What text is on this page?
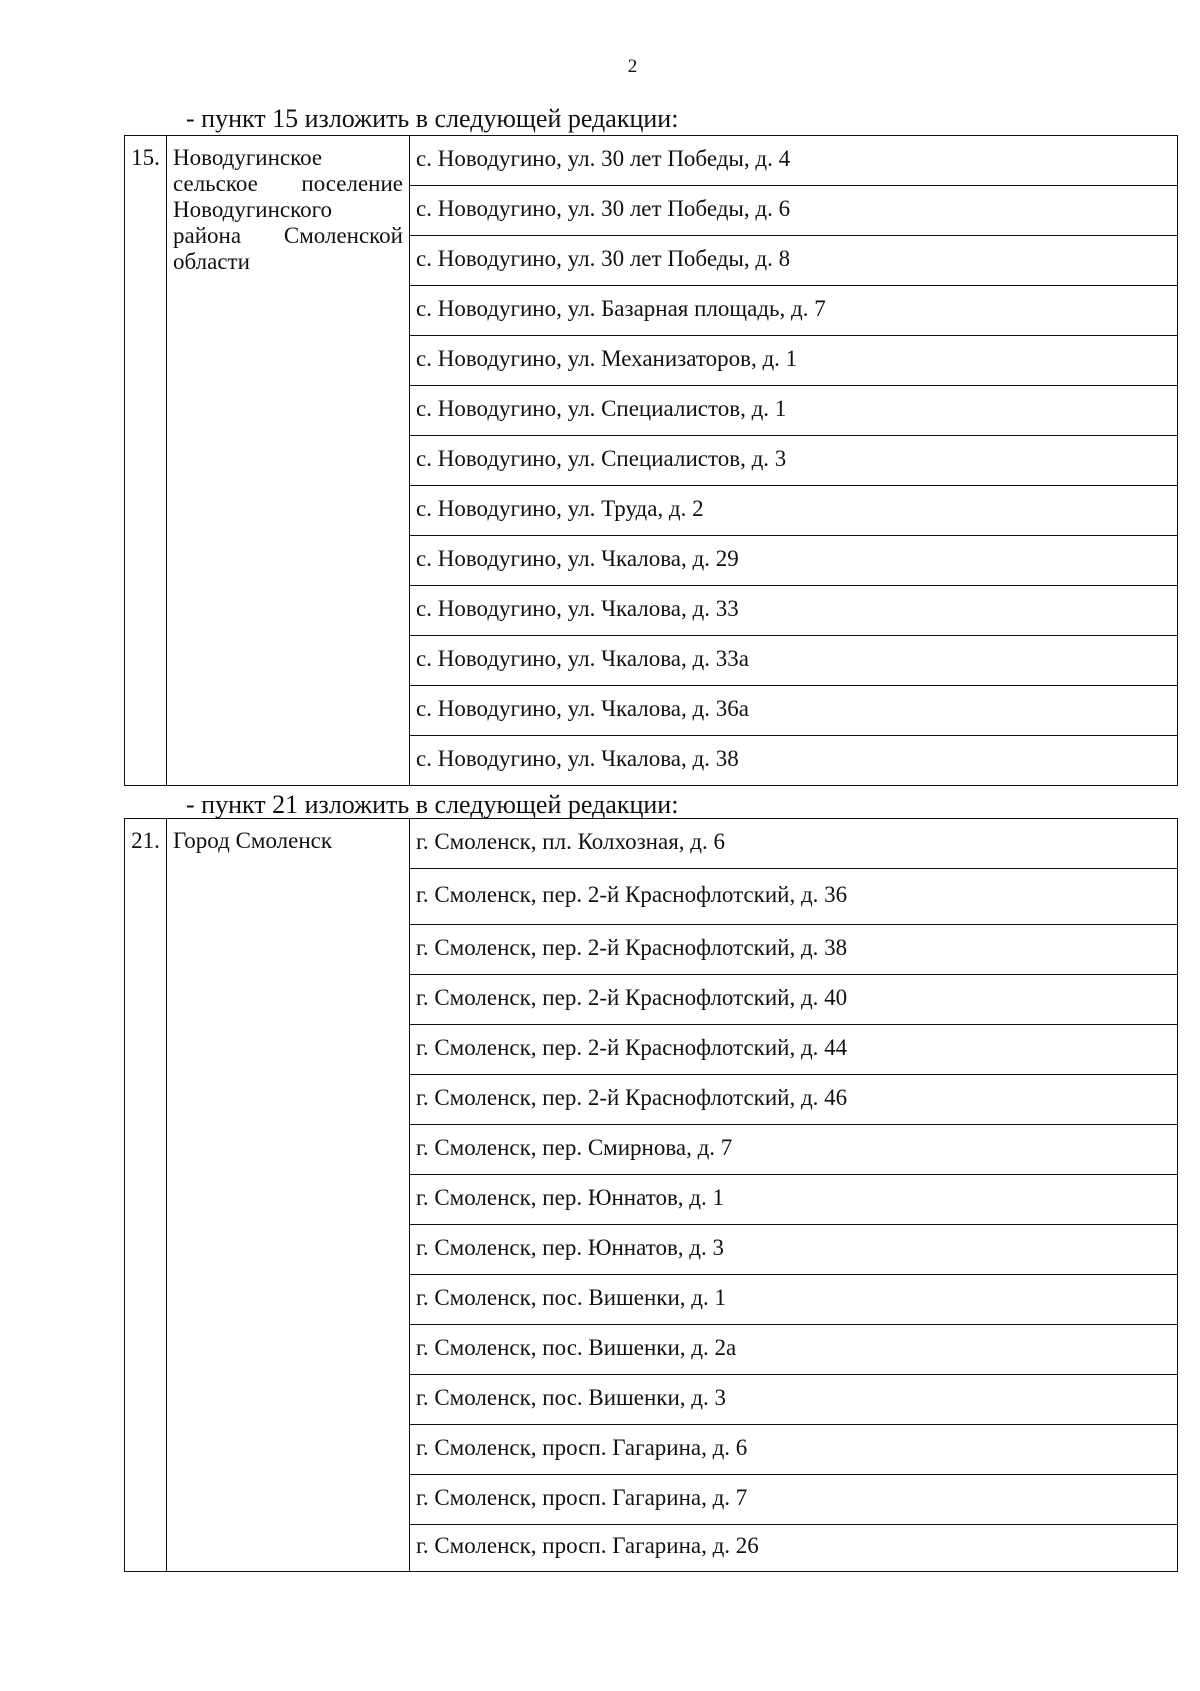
2
- пункт 15 изложить в следующей редакции:
15.	Новодугинское сельское поселение Новодугинского района Смоленской области	с. Новодугино, ул. 30 лет Победы, д. 4
с. Новодугино, ул. 30 лет Победы, д. 6
с. Новодугино, ул. 30 лет Победы, д. 8
с. Новодугино, ул. Базарная площадь, д. 7
с. Новодугино, ул. Механизаторов, д. 1
с. Новодугино, ул. Специалистов, д. 1
с. Новодугино, ул. Специалистов, д. 3
с. Новодугино, ул. Труда, д. 2
с. Новодугино, ул. Чкалова, д. 29
с. Новодугино, ул. Чкалова, д. 33
с. Новодугино, ул. Чкалова, д. 33а
с. Новодугино, ул. Чкалова, д. 36а
с. Новодугино, ул. Чкалова, д. 38
- пункт 21 изложить в следующей редакции:
21.	Город Смоленск	г. Смоленск, пл. Колхозная, д. 6
г. Смоленск, пер. 2-й Краснофлотский, д. 36
г. Смоленск, пер. 2-й Краснофлотский, д. 38
г. Смоленск, пер. 2-й Краснофлотский, д. 40
г. Смоленск, пер. 2-й Краснофлотский, д. 44
г. Смоленск, пер. 2-й Краснофлотский, д. 46
г. Смоленск, пер. Смирнова, д. 7
г. Смоленск, пер. Юннатов, д. 1
г. Смоленск, пер. Юннатов, д. 3
г. Смоленск, пос. Вишенки, д. 1
г. Смоленск, пос. Вишенки, д. 2а
г. Смоленск, пос. Вишенки, д. 3
г. Смоленск, просп. Гагарина, д. 6
г. Смоленск, просп. Гагарина, д. 7
г. Смоленск, просп. Гагарина, д. 26
